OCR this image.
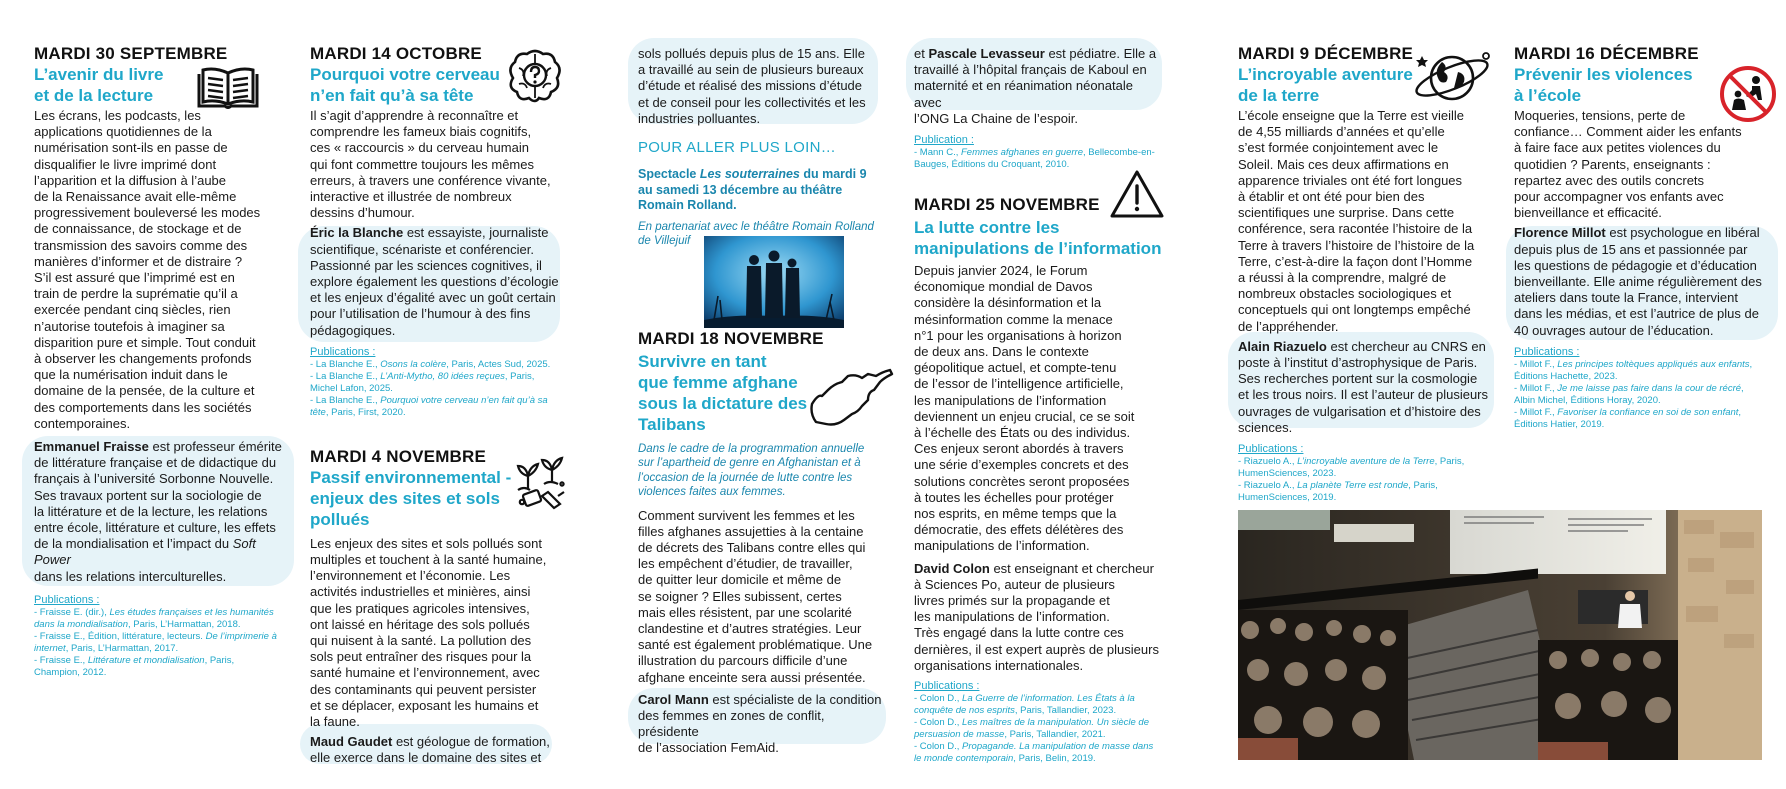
MARDI 30 SEPTEMBRE

L’avenir du livre
et de la lecture

Les écrans, les podcasts, les
applications quotidiennes de la
numérisation sont-ils en passe de
disqualifier le livre imprimé dont
l’apparition et la diffusion à l’aube
de la Renaissance avait elle-même
progressivement bouleversé les modes
de connaissance, de stockage et de
transmission des savoirs comme des
manières d’informer et de distraire ?
S’il est assuré que l’imprimé est en
train de perdre la suprématie qu’il a
exercée pendant cinq siècles, rien
n’autorise toutefois à imaginer sa
disparition pure et simple. Tout conduit
à observer les changements profonds
que la numérisation induit dans le
domaine de la pensée, de la culture et
des comportements dans les sociétés
contemporaines.

Emmanuel Fraisse est professeur émérite
de littérature française et de didactique du
français à l’université Sorbonne Nouvelle.
Ses travaux portent sur la sociologie de
la littérature et de la lecture, les relations
entre école, littérature et culture, les effets
de la mondialisation et l’impact du Soft Power
dans les relations interculturelles.

Publications :

- Fraisse E. (dir.), Les études françaises et les humanités

dans la mondialisation, Paris, L’Harmattan, 2018.

- Fraisse E., Édition, littérature, lecteurs. De l’imprimerie à

internet, Paris, L’Harmattan, 2017.

- Fraisse E., Littérature et mondialisation, Paris,

Champion, 2012.

MARDI 14 OCTOBRE

Pourquoi votre cerveau
n’en fait qu’à sa tête

Il s’agit d’apprendre à reconnaître et
comprendre les fameux biais cognitifs,
ces « raccourcis » du cerveau humain
qui font commettre toujours les mêmes
erreurs, à travers une conférence vivante,
interactive et illustrée de nombreux
dessins d’humour.

Éric la Blanche est essayiste, journaliste
scientifique, scénariste et conférencier.
Passionné par les sciences cognitives, il
explore également les questions d’écologie
et les enjeux d’égalité avec un goût certain
pour l’utilisation de l’humour à des fins
pédagogiques.

Publications :

- La Blanche E., Osons la colère, Paris, Actes Sud, 2025.

- La Blanche E., L’Anti-Mytho, 80 idées reçues, Paris,

Michel Lafon, 2025.

- La Blanche E., Pourquoi votre cerveau n’en fait qu’à sa

tête, Paris, First, 2020.

MARDI 4 NOVEMBRE

Passif environnemental -
enjeux des sites et sols
pollués

Les enjeux des sites et sols pollués sont
multiples et touchent à la santé humaine,
l’environnement et l’économie. Les
activités industrielles et minières, ainsi
que les pratiques agricoles intensives,
ont laissé en héritage des sols pollués
qui nuisent à la santé. La pollution des
sols peut entraîner des risques pour la
santé humaine et l’environnement, avec
des contaminants qui peuvent persister
et se déplacer, exposant les humains et
la faune.

Maud Gaudet est géologue de formation,
elle exerce dans le domaine des sites et
sols pollués depuis plus de 15 ans. Elle
a travaillé au sein de plusieurs bureaux
d’étude et réalisé des missions d’étude
et de conseil pour les collectivités et les
industries polluantes.

POUR ALLER PLUS LOIN…

Spectacle Les souterraines du mardi 9
au samedi 13 décembre au théâtre
Romain Rolland.

En partenariat avec le théâtre Romain Rolland
de Villejuif

MARDI 18 NOVEMBRE

Survivre en tant
que femme afghane
sous la dictature des
Talibans

Dans le cadre de la programmation annuelle
sur l’apartheid de genre en Afghanistan et à
l’occasion de la journée de lutte contre les
violences faites aux femmes.

Comment survivent les femmes et les
filles afghanes assujetties à la centaine
de décrets des Talibans contre elles qui
les empêchent d’étudier, de travailler,
de quitter leur domicile et même de
se soigner ? Elles subissent, certes
mais elles résistent, par une scolarité
clandestine et d’autres stratégies. Leur
santé est également problématique. Une
illustration du parcours difficile d’une
afghane enceinte sera aussi présentée.

Carol Mann est spécialiste de la condition
des femmes en zones de conflit, présidente
de l’association FemAid.
et Pascale Levasseur est pédiatre. Elle a
travaillé à l’hôpital français de Kaboul en
maternité et en réanimation néonatale avec
l’ONG La Chaine de l’espoir.

Publication :

- Mann C., Femmes afghanes en guerre, Bellecombe-en-

Bauges, Éditions du Croquant, 2010.

MARDI 25 NOVEMBRE

La lutte contre les
manipulations de l’information

Depuis janvier 2024, le Forum
économique mondial de Davos
considère la désinformation et la
mésinformation comme la menace
n°1 pour les organisations à horizon
de deux ans. Dans le contexte
géopolitique actuel, et compte-tenu
de l’essor de l’intelligence artificielle,
les manipulations de l’information
deviennent un enjeu crucial, ce se soit
à l’échelle des États ou des individus.
Ces enjeux seront abordés à travers
une série d’exemples concrets et des
solutions concrètes seront proposées
à toutes les échelles pour protéger
nos esprits, en même temps que la
démocratie, des effets délétères des
manipulations de l’information.

David Colon est enseignant et chercheur
à Sciences Po, auteur de plusieurs
livres primés sur la propagande et
les manipulations de l’information.
Très engagé dans la lutte contre ces
dernières, il est expert auprès de plusieurs
organisations internationales.

Publications :

- Colon D., La Guerre de l’information. Les États à la

conquête de nos esprits, Paris, Tallandier, 2023.

- Colon D., Les maîtres de la manipulation. Un siècle de

persuasion de masse, Paris, Tallandier, 2021.

- Colon D., Propagande. La manipulation de masse dans

le monde contemporain, Paris, Belin, 2019.

MARDI 9 DÉCEMBRE

L’incroyable aventure
de la terre

L’école enseigne que la Terre est vieille
de 4,55 milliards d’années et qu’elle
s’est formée conjointement avec le
Soleil. Mais ces deux affirmations en
apparence triviales ont été fort longues
à établir et ont été pour bien des
scientifiques une surprise. Dans cette
conférence, sera racontée l’histoire de la
Terre à travers l’histoire de l’histoire de la
Terre, c’est-à-dire la façon dont l’Homme
a réussi à la comprendre, malgré de
nombreux obstacles sociologiques et
conceptuels qui ont longtemps empêché
de l’appréhender.

Alain Riazuelo est chercheur au CNRS en
poste à l’institut d’astrophysique de Paris.
Ses recherches portent sur la cosmologie
et les trous noirs. Il est l’auteur de plusieurs
ouvrages de vulgarisation et d’histoire des
sciences.

Publications :

- Riazuelo A., L’incroyable aventure de la Terre, Paris,

HumenSciences, 2023.

- Riazuelo A., La planète Terre est ronde, Paris,

HumenSciences, 2019.

MARDI 16 DÉCEMBRE

Prévenir les violences
à l’école

Moqueries, tensions, perte de
confiance… Comment aider les enfants
à faire face aux petites violences du
quotidien ? Parents, enseignants :
repartez avec des outils concrets
pour accompagner vos enfants avec
bienveillance et efficacité.

Florence Millot est psychologue en libéral
depuis plus de 15 ans et passionnée par
les questions de pédagogie et d’éducation
bienveillante. Elle anime régulièrement des
ateliers dans toute la France, intervient
dans les médias, et est l’autrice de plus de
40 ouvrages autour de l’éducation.

Publications :

- Millot F., Les principes toltèques appliqués aux enfants,

Éditions Hachette, 2023.

- Millot F., Je me laisse pas faire dans la cour de récré,

Albin Michel, Éditions Horay, 2020.

- Millot F., Favoriser la confiance en soi de son enfant,

Éditions Hatier, 2019.
